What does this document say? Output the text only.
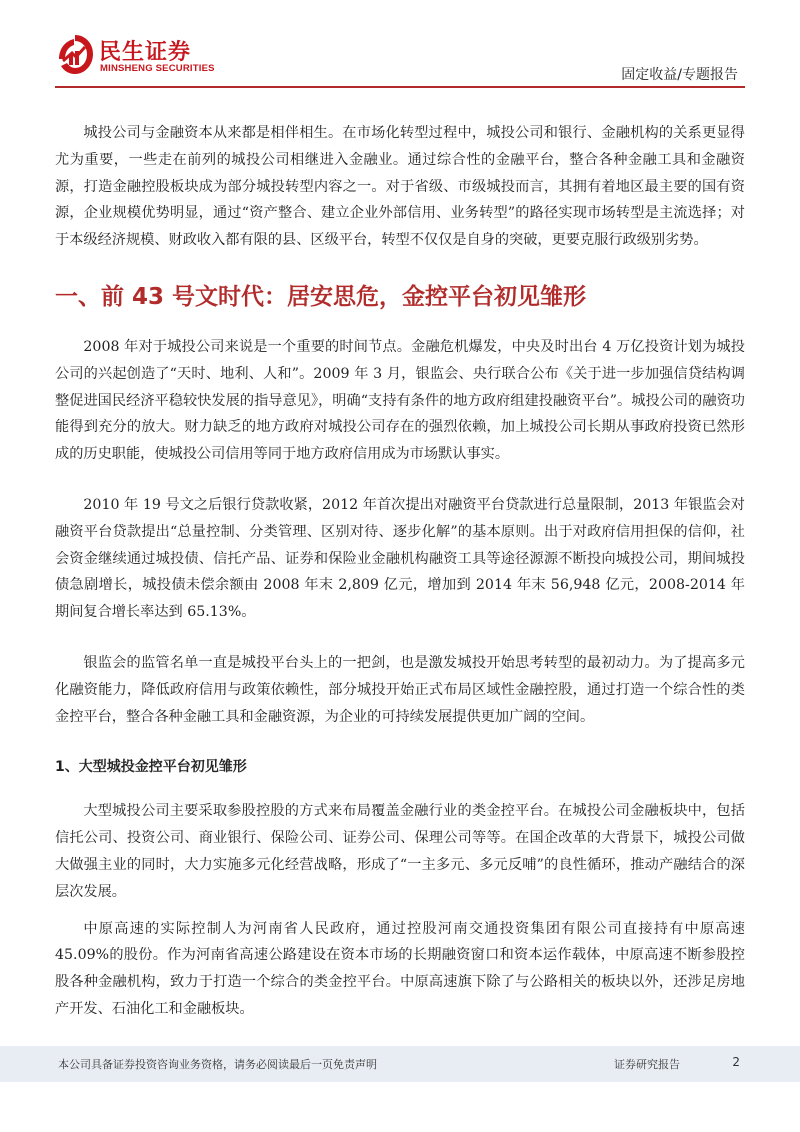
民生证券
MINSHENG SECURITIES	固定收益/专题报告

城投公司与金融资本从来都是相伴相生。在市场化转型过程中，城投公司和银行、金融机构的关系更显得尤为重要，一些走在前列的城投公司相继进入金融业。通过综合性的金融平台，整合各种金融工具和金融资源，打造金融控股板块成为部分城投转型内容之一。对于省级、市级城投而言，其拥有着地区最主要的国有资源，企业规模优势明显，通过“资产整合、建立企业外部信用、业务转型”的路径实现市场转型是主流选择；对于本级经济规模、财政收入都有限的县、区级平台，转型不仅仅是自身的突破，更要克服行政级别劣势。

一、前 43 号文时代：居安思危，金控平台初见雏形

2008 年对于城投公司来说是一个重要的时间节点。金融危机爆发，中央及时出台 4 万亿投资计划为城投公司的兴起创造了“天时、地利、人和”。2009 年 3 月，银监会、央行联合公布《关于进一步加强信贷结构调整促进国民经济平稳较快发展的指导意见》，明确“支持有条件的地方政府组建投融资平台”。城投公司的融资功能得到充分的放大。财力缺乏的地方政府对城投公司存在的强烈依赖，加上城投公司长期从事政府投资已然形成的历史职能，使城投公司信用等同于地方政府信用成为市场默认事实。

2010 年 19 号文之后银行贷款收紧，2012 年首次提出对融资平台贷款进行总量限制，2013 年银监会对融资平台贷款提出“总量控制、分类管理、区别对待、逐步化解”的基本原则。出于对政府信用担保的信仰，社会资金继续通过城投债、信托产品、证券和保险业金融机构融资工具等途径源源不断投向城投公司，期间城投债急剧增长，城投债未偿余额由 2008 年末 2,809 亿元，增加到 2014 年末 56,948 亿元，2008-2014 年期间复合增长率达到 65.13%。

银监会的监管名单一直是城投平台头上的一把剑，也是激发城投开始思考转型的最初动力。为了提高多元化融资能力，降低政府信用与政策依赖性，部分城投开始正式布局区域性金融控股，通过打造一个综合性的类金控平台，整合各种金融工具和金融资源，为企业的可持续发展提供更加广阔的空间。

1、大型城投金控平台初见雏形

大型城投公司主要采取参股控股的方式来布局覆盖金融行业的类金控平台。在城投公司金融板块中，包括信托公司、投资公司、商业银行、保险公司、证券公司、保理公司等等。在国企改革的大背景下，城投公司做大做强主业的同时，大力实施多元化经营战略，形成了“一主多元、多元反哺”的良性循环，推动产融结合的深层次发展。

中原高速的实际控制人为河南省人民政府，通过控股河南交通投资集团有限公司直接持有中原高速 45.09%的股份。作为河南省高速公路建设在资本市场的长期融资窗口和资本运作载体，中原高速不断参股控股各种金融机构，致力于打造一个综合的类金控平台。中原高速旗下除了与公路相关的板块以外，还涉足房地产开发、石油化工和金融板块。

本公司具备证券投资咨询业务资格，请务必阅读最后一页免责声明	证券研究报告	2
